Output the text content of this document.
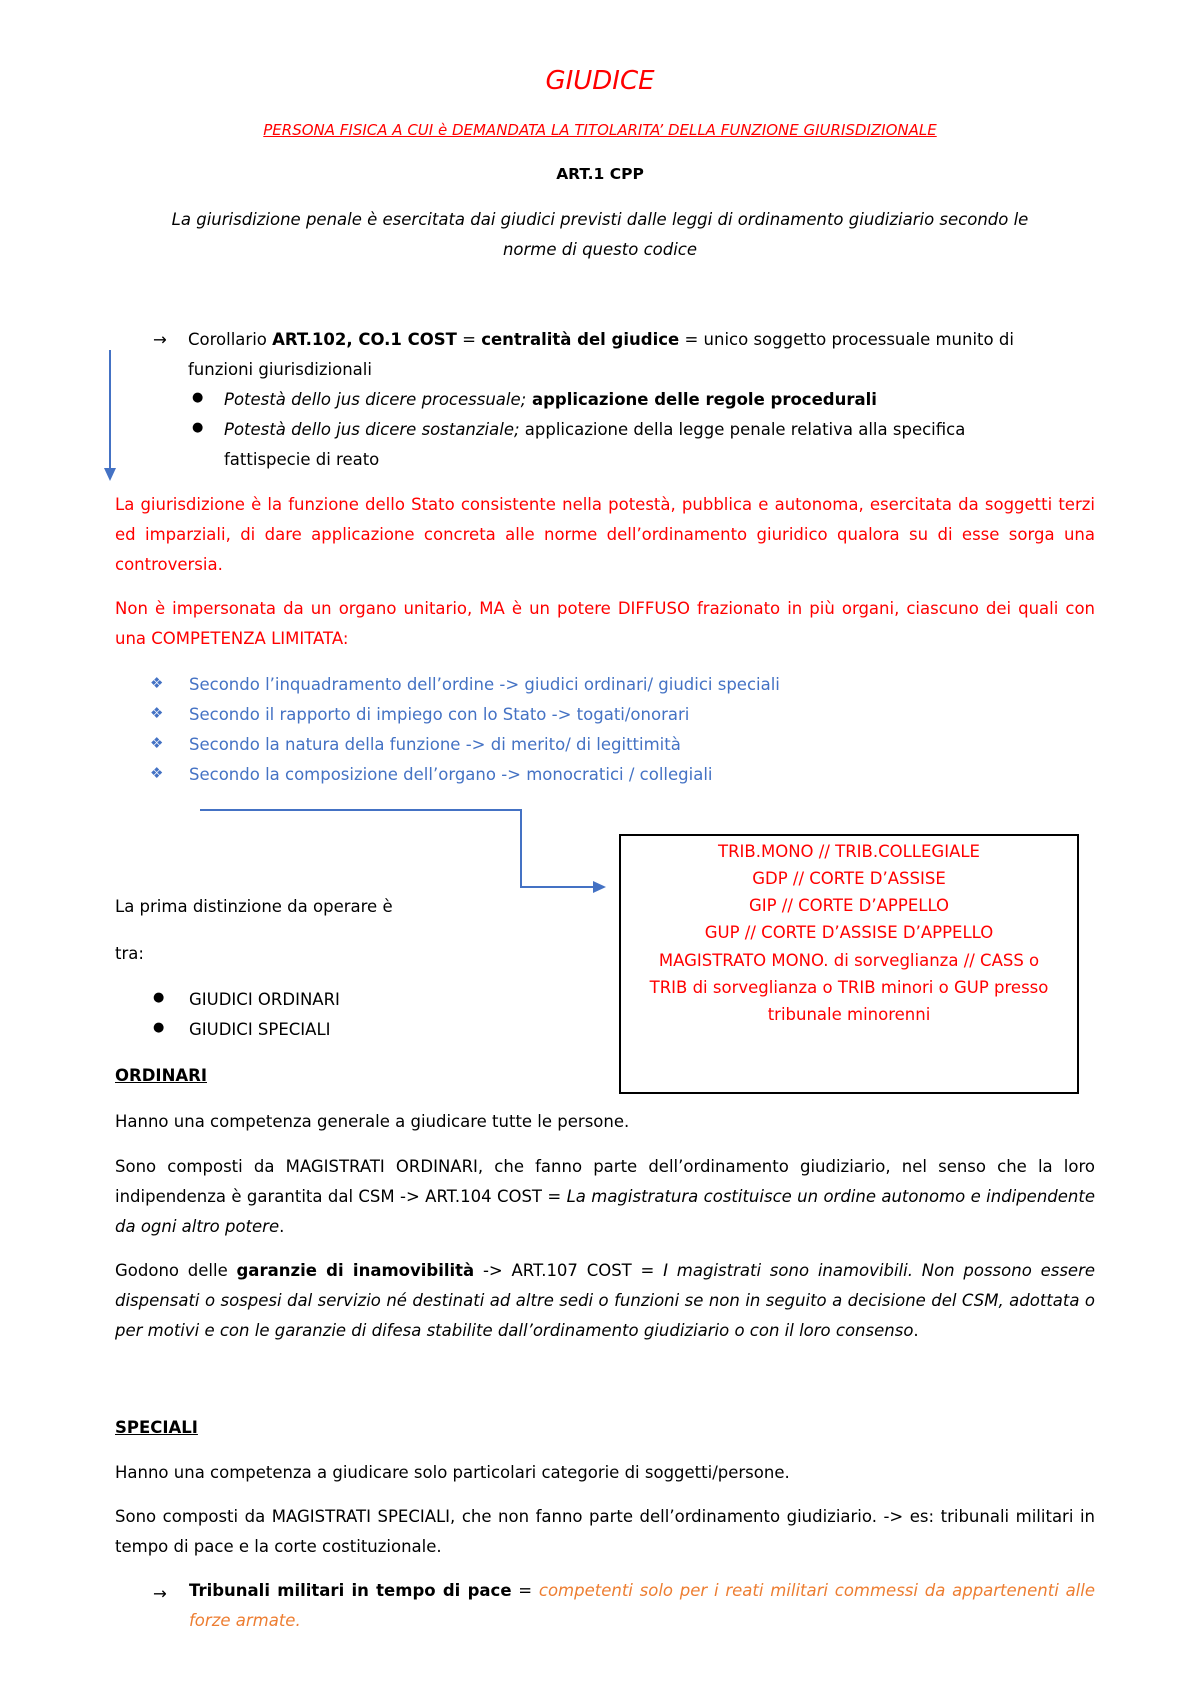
GIUDICE
PERSONA FISICA A CUI è DEMANDATA LA TITOLARITA’ DELLA FUNZIONE GIURISDIZIONALE
ART.1 CPP
La giurisdizione penale è esercitata dai giudici previsti dalle leggi di ordinamento giudiziario secondo le
norme di questo codice
→ Corollario ART.102, CO.1 COST = centralità del giudice = unico soggetto processuale munito di
funzioni giurisdizionali
● Potestà dello jus dicere processuale; applicazione delle regole procedurali
● Potestà dello jus dicere sostanziale; applicazione della legge penale relativa alla specifica
fattispecie di reato
La giurisdizione è la funzione dello Stato consistente nella potestà, pubblica e autonoma, esercitata da soggetti terzi ed imparziali, di dare applicazione concreta alle norme dell’ordinamento giuridico qualora su di esse sorga una controversia.
Non è impersonata da un organo unitario, MA è un potere DIFFUSO frazionato in più organi, ciascuno dei quali con una COMPETENZA LIMITATA:
❖ Secondo l’inquadramento dell’ordine -> giudici ordinari/ giudici speciali
❖ Secondo il rapporto di impiego con lo Stato -> togati/onorari
❖ Secondo la natura della funzione -> di merito/ di legittimità
❖ Secondo la composizione dell’organo -> monocratici / collegiali
TRIB.MONO // TRIB.COLLEGIALE
GDP // CORTE D’ASSISE
GIP // CORTE D’APPELLO
GUP // CORTE D’ASSISE D’APPELLO
MAGISTRATO MONO. di sorveglianza // CASS o
TRIB di sorveglianza o TRIB minori o GUP presso
tribunale minorenni
La prima distinzione da operare è
tra:
● GIUDICI ORDINARI
● GIUDICI SPECIALI
ORDINARI
Hanno una competenza generale a giudicare tutte le persone.
Sono composti da MAGISTRATI ORDINARI, che fanno parte dell’ordinamento giudiziario, nel senso che la loro indipendenza è garantita dal CSM -> ART.104 COST = La magistratura costituisce un ordine autonomo e indipendente da ogni altro potere.
Godono delle garanzie di inamovibilità -> ART.107 COST = I magistrati sono inamovibili. Non possono essere dispensati o sospesi dal servizio né destinati ad altre sedi o funzioni se non in seguito a decisione del CSM, adottata o per motivi e con le garanzie di difesa stabilite dall’ordinamento giudiziario o con il loro consenso.
SPECIALI
Hanno una competenza a giudicare solo particolari categorie di soggetti/persone.
Sono composti da MAGISTRATI SPECIALI, che non fanno parte dell’ordinamento giudiziario. -> es: tribunali militari in tempo di pace e la corte costituzionale.
→ Tribunali militari in tempo di pace = competenti solo per i reati militari commessi da appartenenti alle forze armate.
